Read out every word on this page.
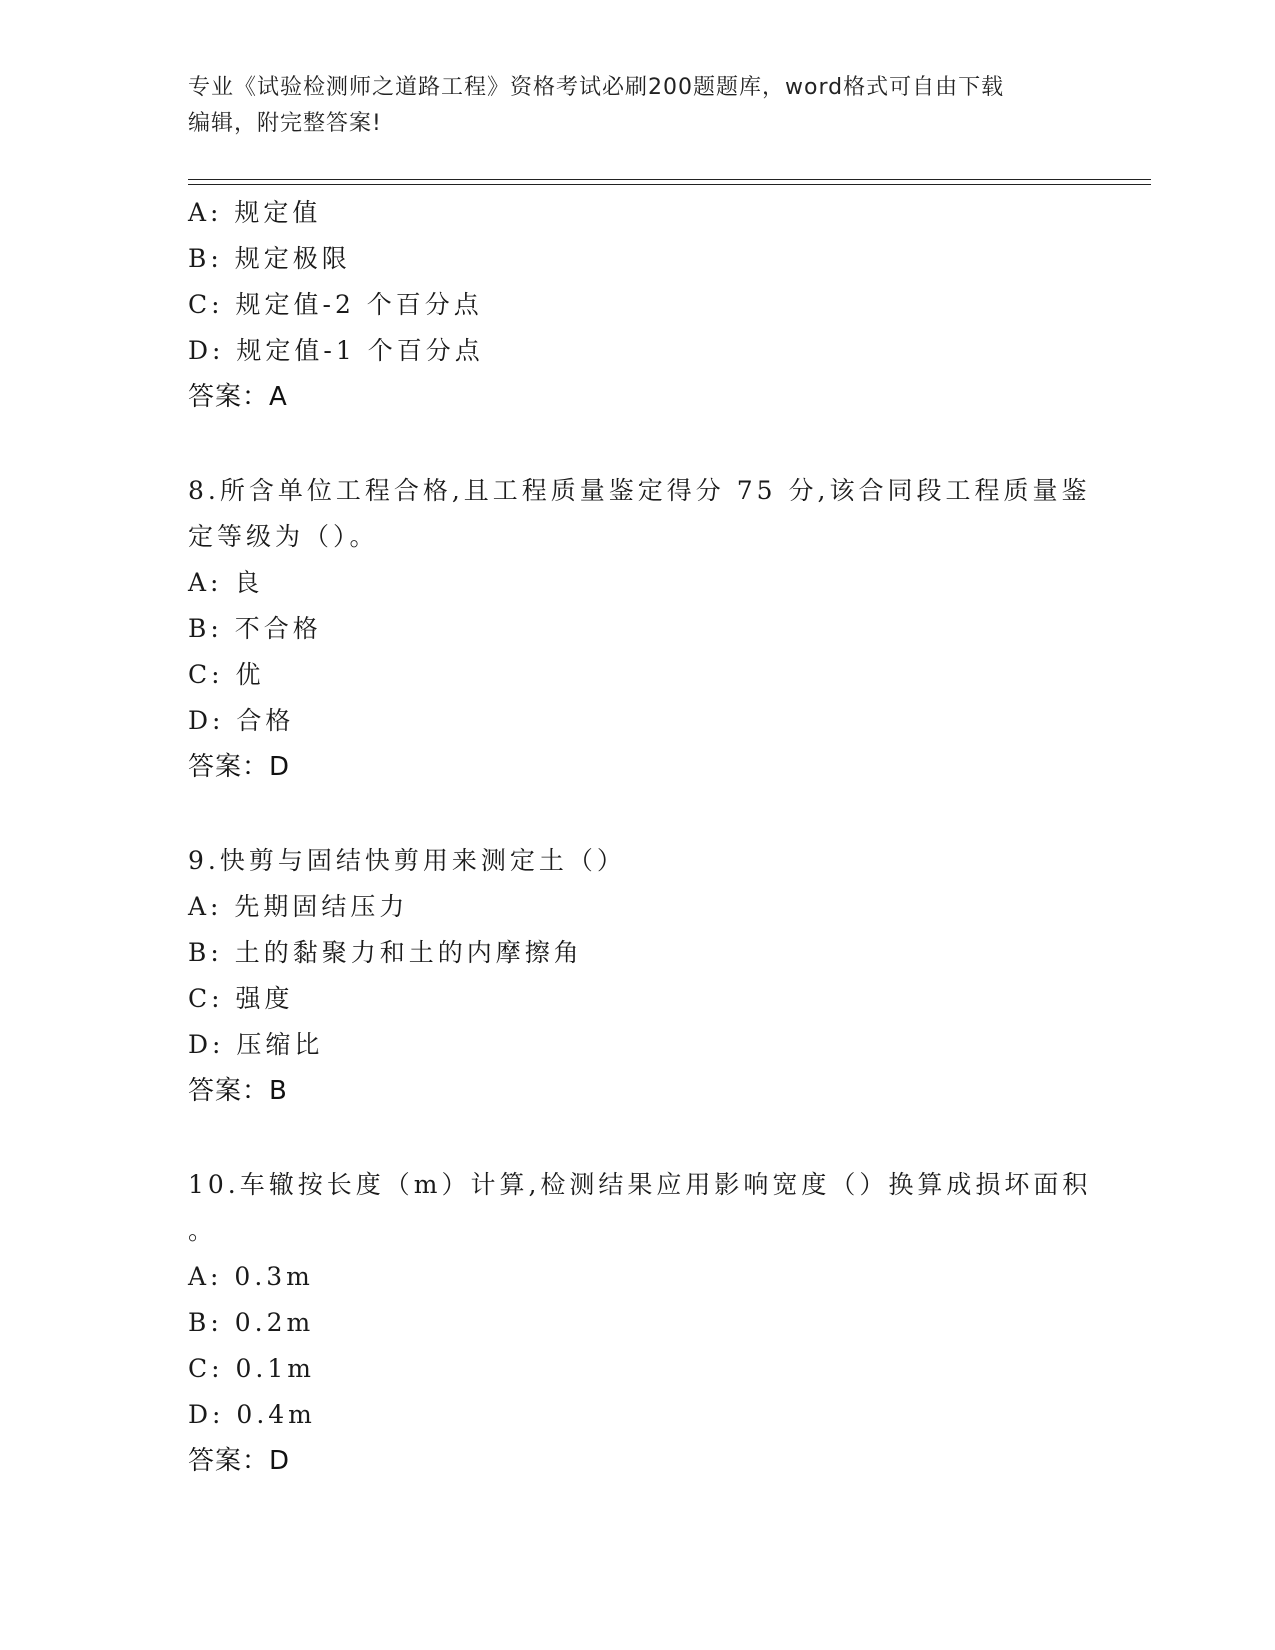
专业《试验检测师之道路工程》资格考试必刷200题题库，word格式可自由下载
编辑，附完整答案!
A: 规定值
B: 规定极限
C: 规定值-2 个百分点
D: 规定值-1 个百分点
答案：A
8.所含单位工程合格,且工程质量鉴定得分 75 分,该合同段工程质量鉴
定等级为（）。
A: 良
B: 不合格
C: 优
D: 合格
答案：D
9.快剪与固结快剪用来测定土（）
A: 先期固结压力
B: 土的黏聚力和土的内摩擦角
C: 强度
D: 压缩比
答案：B
10.车辙按长度（m）计算,检测结果应用影响宽度（）换算成损坏面积
。
A: 0.3m
B: 0.2m
C: 0.1m
D: 0.4m
答案：D
